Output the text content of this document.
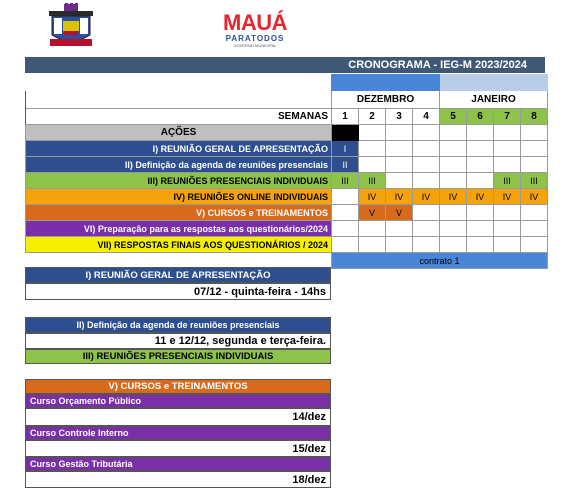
MAUÁ
PARATODOS
GOVERNO MUNICIPAL
CRONOGRAMA - IEG-M 2023/2024

	DEZEMBRO				JANEIRO			
SEMANAS	1	2	3	4	5	6	7	8
AÇÕES								
I) REUNIÃO GERAL DE APRESENTAÇÃO	I							
II) Definição da agenda de reuniões presenciais	II							
III) REUNIÕES PRESENCIAIS INDIVIDUAIS	III	III					III	III
IV) REUNIÕES ONLINE INDIVIDUAIS		IV	IV	IV	IV	IV	IV	IV
V) CURSOS e TREINAMENTOS		V	V					
VI) Preparação para as respostas aos questionários/2024								
VII) RESPOSTAS FINAIS AOS QUESTIONÁRIOS / 2024								
	contrato 1							
I) REUNIÃO GERAL DE APRESENTAÇÃO
07/12 - quinta-feira - 14hs
II) Definição da agenda de reuniões presenciais
11 e 12/12, segunda e terça-feira.
III) REUNIÕES PRESENCIAIS INDIVIDUAIS
V) CURSOS e TREINAMENTOS
Curso Orçamento Público
14/dez
Curso Controle Interno
15/dez
Curso Gestão Tributária
18/dez
